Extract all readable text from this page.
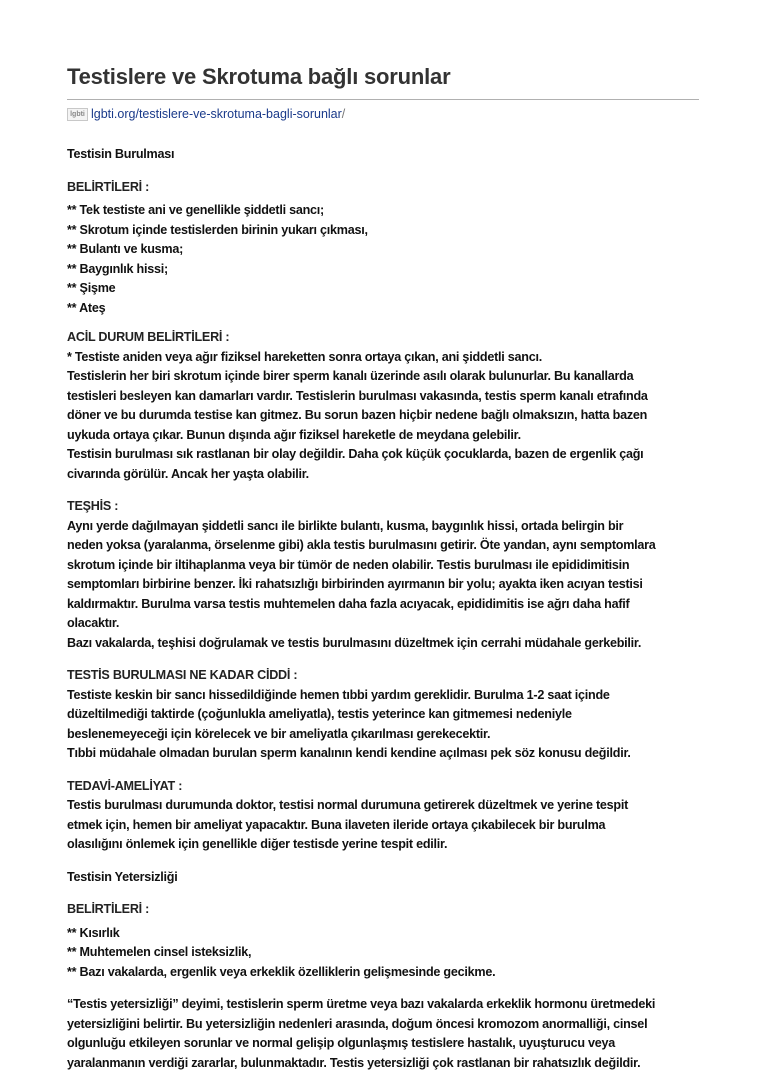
Testislere ve Skrotuma bağlı sorunlar
lgbti lgbti.org/testislere-ve-skrotuma-bagli-sorunlar /

Testisin Burulması

BELİRTİLERİ :

** Tek testiste ani ve genellikle şiddetli sancı;

** Skrotum içinde testislerden birinin yukarı çıkması,

** Bulantı ve kusma;

** Baygınlık hissi;

** Şişme

** Ateş

ACİL DURUM BELİRTİLERİ :

* Testiste aniden veya ağır fiziksel hareketten sonra ortaya çıkan, ani şiddetli sancı.

Testislerin her biri skrotum içinde birer sperm kanalı üzerinde asılı olarak bulunurlar. Bu kanallarda

testisleri besleyen kan damarları vardır. Testislerin burulması vakasında, testis sperm kanalı etrafında

döner ve bu durumda testise kan gitmez. Bu sorun bazen hiçbir nedene bağlı olmaksızın, hatta bazen

uykuda ortaya çıkar. Bunun dışında ağır fiziksel hareketle de meydana gelebilir.

Testisin burulması sık rastlanan bir olay değildir. Daha çok küçük çocuklarda, bazen de ergenlik çağı

civarında görülür. Ancak her yaşta olabilir.

TEŞHİS :

Aynı yerde dağılmayan şiddetli sancı ile birlikte bulantı, kusma, baygınlık hissi, ortada belirgin bir

neden yoksa (yaralanma, örselenme gibi) akla testis burulmasını getirir. Öte yandan, aynı semptomlara

skrotum içinde bir iltihaplanma veya bir tümör de neden olabilir. Testis burulması ile epididimitisin

semptomları birbirine benzer. İki rahatsızlığı birbirinden ayırmanın bir yolu; ayakta iken acıyan testisi

kaldırmaktır. Burulma varsa testis muhtemelen daha fazla acıyacak, epididimitis ise ağrı daha hafif

olacaktır.

Bazı vakalarda, teşhisi doğrulamak ve testis burulmasını düzeltmek için cerrahi müdahale gerkebilir.

TESTİS BURULMASI NE KADAR CİDDİ :

Testiste keskin bir sancı hissedildiğinde hemen tıbbi yardım gereklidir. Burulma 1-2 saat içinde

düzeltilmediği taktirde (çoğunlukla ameliyatla), testis yeterince kan gitmemesi nedeniyle

beslenemeyeceği için körelecek ve bir ameliyatla çıkarılması gerekecektir.

Tıbbi müdahale olmadan burulan sperm kanalının kendi kendine açılması pek söz konusu değildir.

TEDAVİ-AMELİYAT :

Testis burulması durumunda doktor, testisi normal durumuna getirerek düzeltmek ve yerine tespit

etmek için, hemen bir ameliyat yapacaktır. Buna ilaveten ileride ortaya çıkabilecek bir burulma

olasılığını önlemek için genellikle diğer testisde yerine tespit edilir.

Testisin Yetersizliği

BELİRTİLERİ :

** Kısırlık

** Muhtemelen cinsel isteksizlik,

** Bazı vakalarda, ergenlik veya erkeklik özelliklerin gelişmesinde gecikme.

“Testis yetersizliği” deyimi, testislerin sperm üretme veya bazı vakalarda erkeklik hormonu üretmedeki

yetersizliğini belirtir. Bu yetersizliğin nedenleri arasında, doğum öncesi kromozom anormalliği, cinsel

olgunluğu etkileyen sorunlar ve normal gelişip olgunlaşmış testislere hastalık, uyuşturucu veya

yaralanmanın verdiği zararlar, bulunmaktadır. Testis yetersizliği çok rastlanan bir rahatsızlık değildir.
